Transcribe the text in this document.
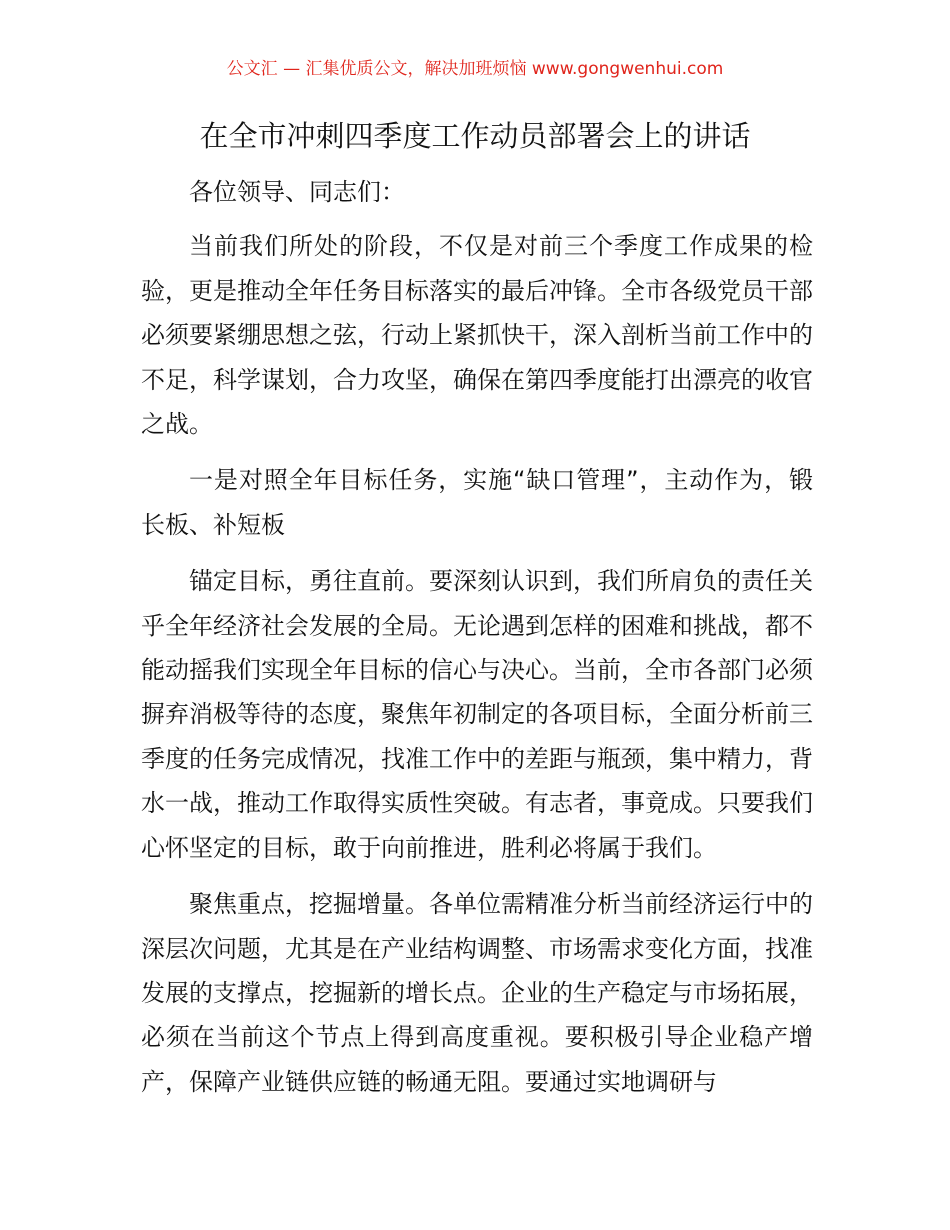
公文汇 — 汇集优质公文，解决加班烦恼 www.gongwenhui.com
在全市冲刺四季度工作动员部署会上的讲话

各位领导、同志们：

当前我们所处的阶段，不仅是对前三个季度工作成果的检验，更是推动全年任务目标落实的最后冲锋。全市各级党员干部必须要紧绷思想之弦，行动上紧抓快干，深入剖析当前工作中的不足，科学谋划，合力攻坚，确保在第四季度能打出漂亮的收官之战。

一是对照全年目标任务，实施“缺口管理”，主动作为，锻长板、补短板

锚定目标，勇往直前。要深刻认识到，我们所肩负的责任关乎全年经济社会发展的全局。无论遇到怎样的困难和挑战，都不能动摇我们实现全年目标的信心与决心。当前，全市各部门必须摒弃消极等待的态度，聚焦年初制定的各项目标，全面分析前三季度的任务完成情况，找准工作中的差距与瓶颈，集中精力，背水一战，推动工作取得实质性突破。有志者，事竟成。只要我们心怀坚定的目标，敢于向前推进，胜利必将属于我们。

聚焦重点，挖掘增量。各单位需精准分析当前经济运行中的深层次问题，尤其是在产业结构调整、市场需求变化方面，找准发展的支撑点，挖掘新的增长点。企业的生产稳定与市场拓展，必须在当前这个节点上得到高度重视。要积极引导企业稳产增产，保障产业链供应链的畅通无阻。要通过实地调研与
